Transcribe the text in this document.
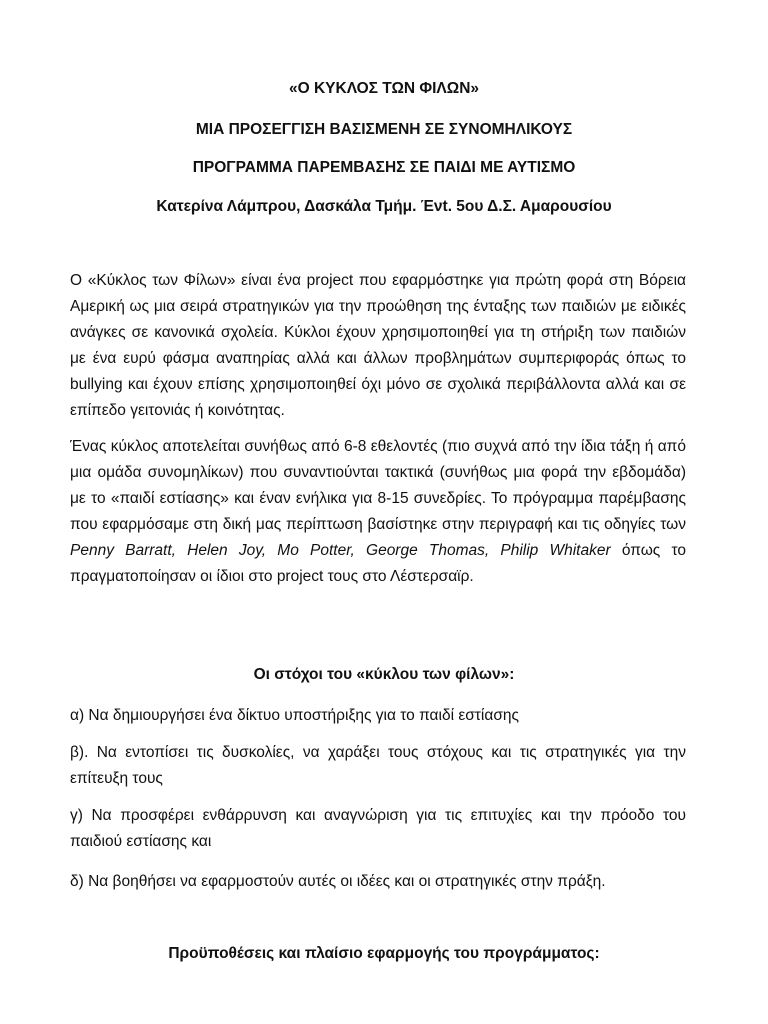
«Ο ΚΥΚΛΟΣ ΤΩΝ ΦΙΛΩΝ»

ΜΙΑ ΠΡΟΣΕΓΓΙΣΗ ΒΑΣΙΣΜΕΝΗ ΣΕ ΣΥΝΟΜΗΛΙΚΟΥΣ

ΠΡΟΓΡΑΜΜΑ ΠΑΡΕΜΒΑΣΗΣ ΣΕ ΠΑΙΔΙ ΜΕ ΑΥΤΙΣΜΟ

Κατερίνα Λάμπρου, Δασκάλα Τμήμ. Ένt. 5ου Δ.Σ. Αμαρουσίου

Ο «Κύκλος των Φίλων» είναι ένα project που εφαρμόστηκε για πρώτη φορά στη Βόρεια Αμερική ως μια σειρά στρατηγικών για την προώθηση της ένταξης των παιδιών με ειδικές ανάγκες σε κανονικά σχολεία. Κύκλοι έχουν χρησιμοποιηθεί για τη στήριξη των παιδιών με ένα ευρύ φάσμα αναπηρίας αλλά και άλλων προβλημάτων συμπεριφοράς όπως το bullying και έχουν επίσης χρησιμοποιηθεί όχι μόνο σε σχολικά περιβάλλοντα αλλά και σε επίπεδο γειτονιάς ή κοινότητας.

Ένας κύκλος αποτελείται συνήθως από 6-8 εθελοντές (πιο συχνά από την ίδια τάξη ή από μια ομάδα συνομηλίκων) που συναντιούνται τακτικά (συνήθως μια φορά την εβδομάδα) με το «παιδί εστίασης» και έναν ενήλικα για 8-15 συνεδρίες. Το πρόγραμμα παρέμβασης που εφαρμόσαμε στη δική μας περίπτωση βασίστηκε στην περιγραφή και τις οδηγίες των Penny Barratt, Helen Joy, Mo Potter, George Thomas, Philip Whitaker όπως το πραγματοποίησαν οι ίδιοι στο project τους στο Λέστερσαϊρ.

Οι στόχοι του «κύκλου των φίλων»:

α) Να δημιουργήσει ένα δίκτυο υποστήριξης για το παιδί εστίασης

β). Να εντοπίσει τις δυσκολίες, να χαράξει τους στόχους και τις στρατηγικές για την επίτευξη τους

γ) Να προσφέρει ενθάρρυνση και αναγνώριση για τις επιτυχίες και την πρόοδο του παιδιού εστίασης και

δ) Να βοηθήσει να εφαρμοστούν αυτές οι ιδέες και οι στρατηγικές στην πράξη.

Προϋποθέσεις και πλαίσιο εφαρμογής του προγράμματος:
